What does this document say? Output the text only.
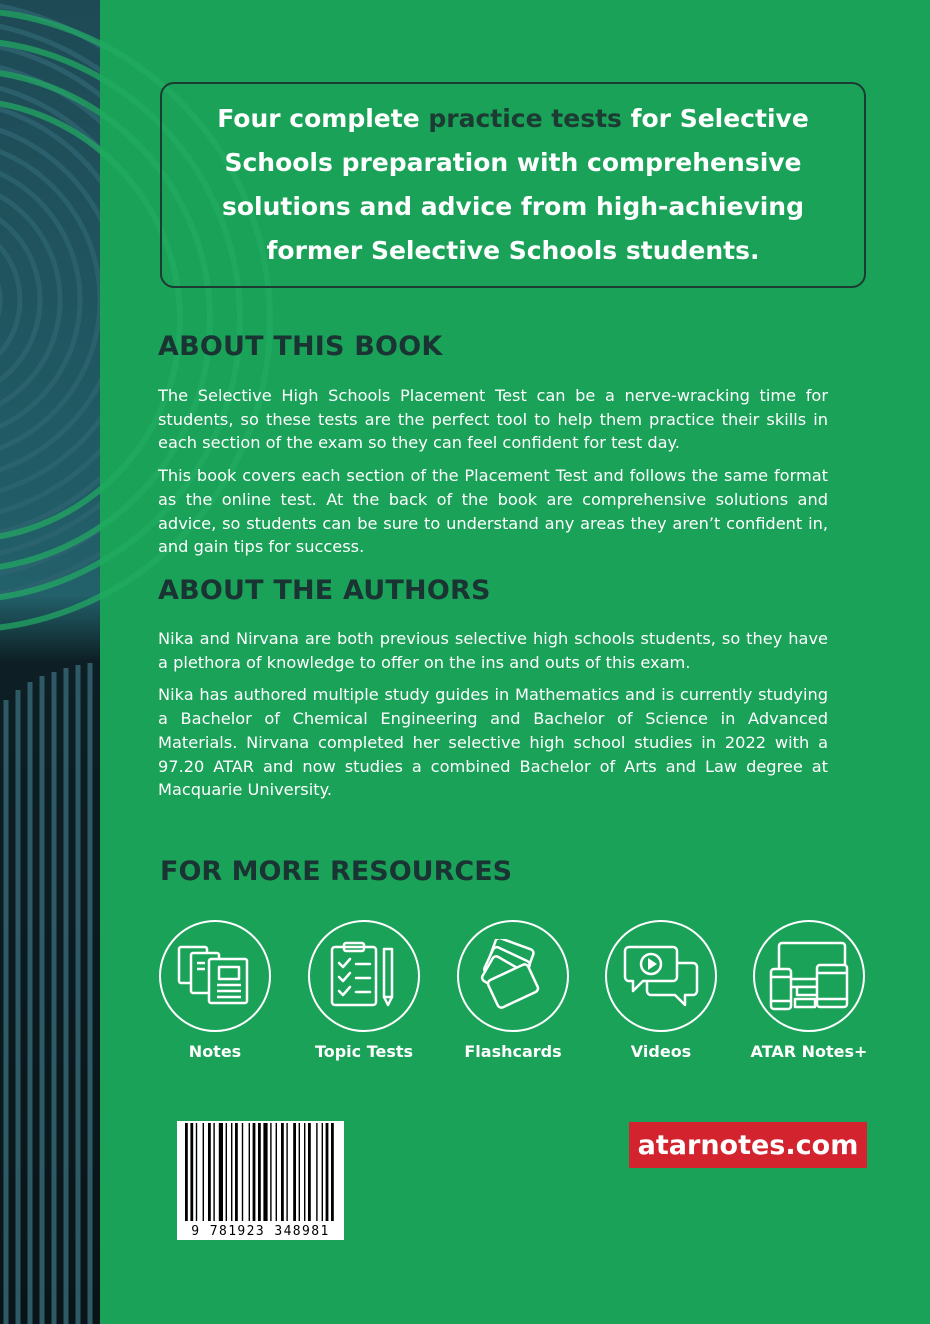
Four complete practice tests for Selective Schools preparation with comprehensive solutions and advice from high-achieving former Selective Schools students.

ABOUT THIS BOOK

The Selective High Schools Placement Test can be a nerve-wracking time for students, so these tests are the perfect tool to help them practice their skills in each section of the exam so they can feel confident for test day.

This book covers each section of the Placement Test and follows the same format as the online test. At the back of the book are comprehensive solutions and advice, so students can be sure to understand any areas they aren’t confident in, and gain tips for success.

ABOUT THE AUTHORS

Nika and Nirvana are both previous selective high schools students, so they have a plethora of knowledge to offer on the ins and outs of this exam.

Nika has authored multiple study guides in Mathematics and is currently studying a Bachelor of Chemical Engineering and Bachelor of Science in Advanced Materials. Nirvana completed her selective high school studies in 2022 with a 97.20 ATAR and now studies a combined Bachelor of Arts and Law degree at Macquarie University.

FOR MORE RESOURCES
Notes	Topic Tests	Flashcards	Videos	ATAR Notes+
9 781923 348981
atarnotes.com
